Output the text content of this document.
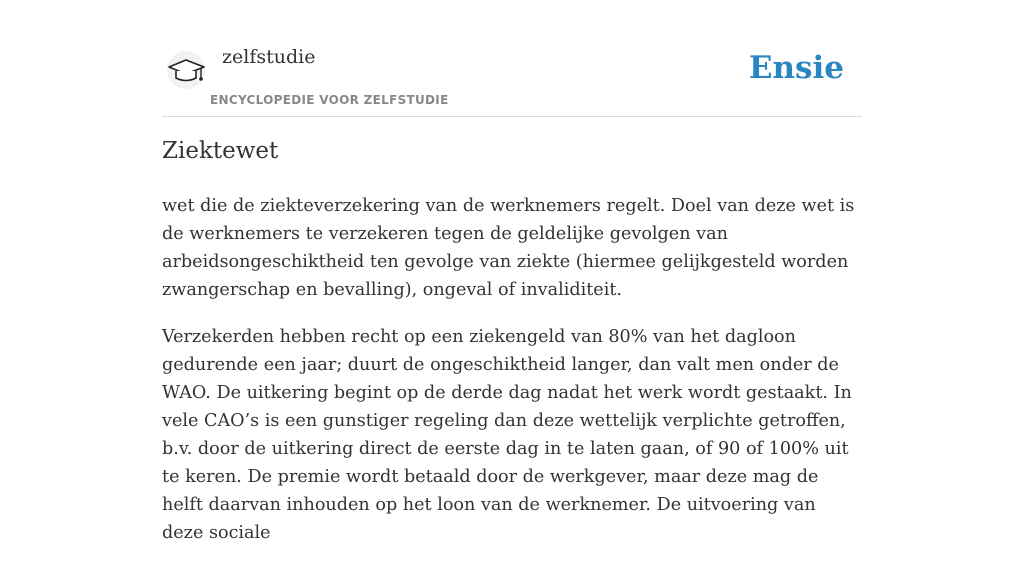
zelfstudie
ENCYCLOPEDIE VOOR ZELFSTUDIE
Ensie
Ziektewet

wet die de ziekteverzekering van de werknemers regelt. Doel van deze wet is de werknemers te verzekeren tegen de geldelijke gevolgen van arbeidsongeschiktheid ten gevolge van ziekte (hiermee gelijkgesteld worden zwangerschap en bevalling), ongeval of invaliditeit.

Verzekerden hebben recht op een ziekengeld van 80% van het dagloon gedurende een jaar; duurt de ongeschiktheid langer, dan valt men onder de WAO. De uitkering begint op de derde dag nadat het werk wordt gestaakt. In vele CAO’s is een gunstiger regeling dan deze wettelijk verplichte getroffen, b.v. door de uitkering direct de eerste dag in te laten gaan, of 90 of 100% uit te keren. De premie wordt betaald door de werkgever, maar deze mag de helft daarvan inhouden op het loon van de werknemer. De uitvoering van deze sociale
